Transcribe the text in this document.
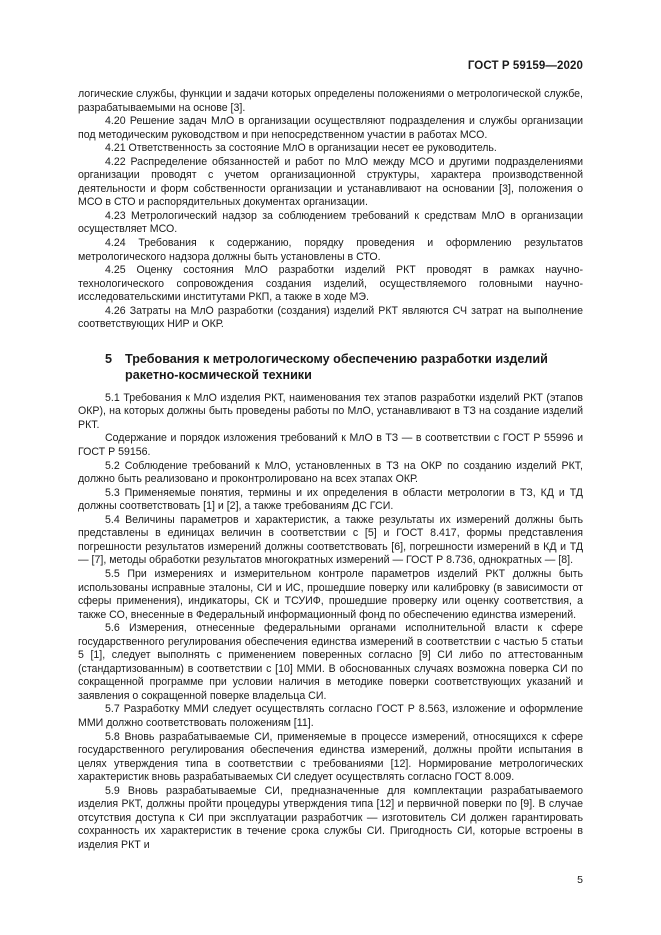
ГОСТ Р 59159—2020

логические службы, функции и задачи которых определены положениями о метрологической службе, разрабатываемыми на основе [3].

4.20 Решение задач МлО в организации осуществляют подразделения и службы организации под методическим руководством и при непосредственном участии в работах МСО.

4.21 Ответственность за состояние МлО в организации несет ее руководитель.

4.22 Распределение обязанностей и работ по МлО между МСО и другими подразделениями организации проводят с учетом организационной структуры, характера производственной деятельности и форм собственности организации и устанавливают на основании [3], положения о МСО в СТО и распорядительных документах организации.

4.23 Метрологический надзор за соблюдением требований к средствам МлО в организации осуществляет МСО.

4.24 Требования к содержанию, порядку проведения и оформлению результатов метрологического надзора должны быть установлены в СТО.

4.25 Оценку состояния МлО разработки изделий РКТ проводят в рамках научно-технологического сопровождения создания изделий, осуществляемого головными научно-исследовательскими институтами РКП, а также в ходе МЭ.

4.26 Затраты на МлО разработки (создания) изделий РКТ являются СЧ затрат на выполнение соответствующих НИР и ОКР.

5	Требования к метрологическому обеспечению разработки изделий ракетно-космической техники

5.1 Требования к МлО изделия РКТ, наименования тех этапов разработки изделий РКТ (этапов ОКР), на которых должны быть проведены работы по МлО, устанавливают в ТЗ на создание изделий РКТ.

Содержание и порядок изложения требований к МлО в ТЗ — в соответствии с ГОСТ Р 55996 и ГОСТ Р 59156.

5.2 Соблюдение требований к МлО, установленных в ТЗ на ОКР по созданию изделий РКТ, должно быть реализовано и проконтролировано на всех этапах ОКР.

5.3 Применяемые понятия, термины и их определения в области метрологии в ТЗ, КД и ТД должны соответствовать [1] и [2], а также требованиям ДС ГСИ.

5.4 Величины параметров и характеристик, а также результаты их измерений должны быть представлены в единицах величин в соответствии с [5] и ГОСТ 8.417, формы представления погрешности результатов измерений должны соответствовать [6], погрешности измерений в КД и ТД — [7], методы обработки результатов многократных измерений — ГОСТ Р 8.736, однократных — [8].

5.5 При измерениях и измерительном контроле параметров изделий РКТ должны быть использованы исправные эталоны, СИ и ИС, прошедшие поверку или калибровку (в зависимости от сферы применения), индикаторы, СК и ТСУИФ, прошедшие проверку или оценку соответствия, а также СО, внесенные в Федеральный информационный фонд по обеспечению единства измерений.

5.6 Измерения, отнесенные федеральными органами исполнительной власти к сфере государственного регулирования обеспечения единства измерений в соответствии с частью 5 статьи 5 [1], следует выполнять с применением поверенных согласно [9] СИ либо по аттестованным (стандартизованным) в соответствии с [10] ММИ. В обоснованных случаях возможна поверка СИ по сокращенной программе при условии наличия в методике поверки соответствующих указаний и заявления о сокращенной поверке владельца СИ.

5.7 Разработку ММИ следует осуществлять согласно ГОСТ Р 8.563, изложение и оформление ММИ должно соответствовать положениям [11].

5.8 Вновь разрабатываемые СИ, применяемые в процессе измерений, относящихся к сфере государственного регулирования обеспечения единства измерений, должны пройти испытания в целях утверждения типа в соответствии с требованиями [12]. Нормирование метрологических характеристик вновь разрабатываемых СИ следует осуществлять согласно ГОСТ 8.009.

5.9 Вновь разрабатываемые СИ, предназначенные для комплектации разрабатываемого изделия РКТ, должны пройти процедуры утверждения типа [12] и первичной поверки по [9]. В случае отсутствия доступа к СИ при эксплуатации разработчик — изготовитель СИ должен гарантировать сохранность их характеристик в течение срока службы СИ. Пригодность СИ, которые встроены в изделия РКТ и

5
